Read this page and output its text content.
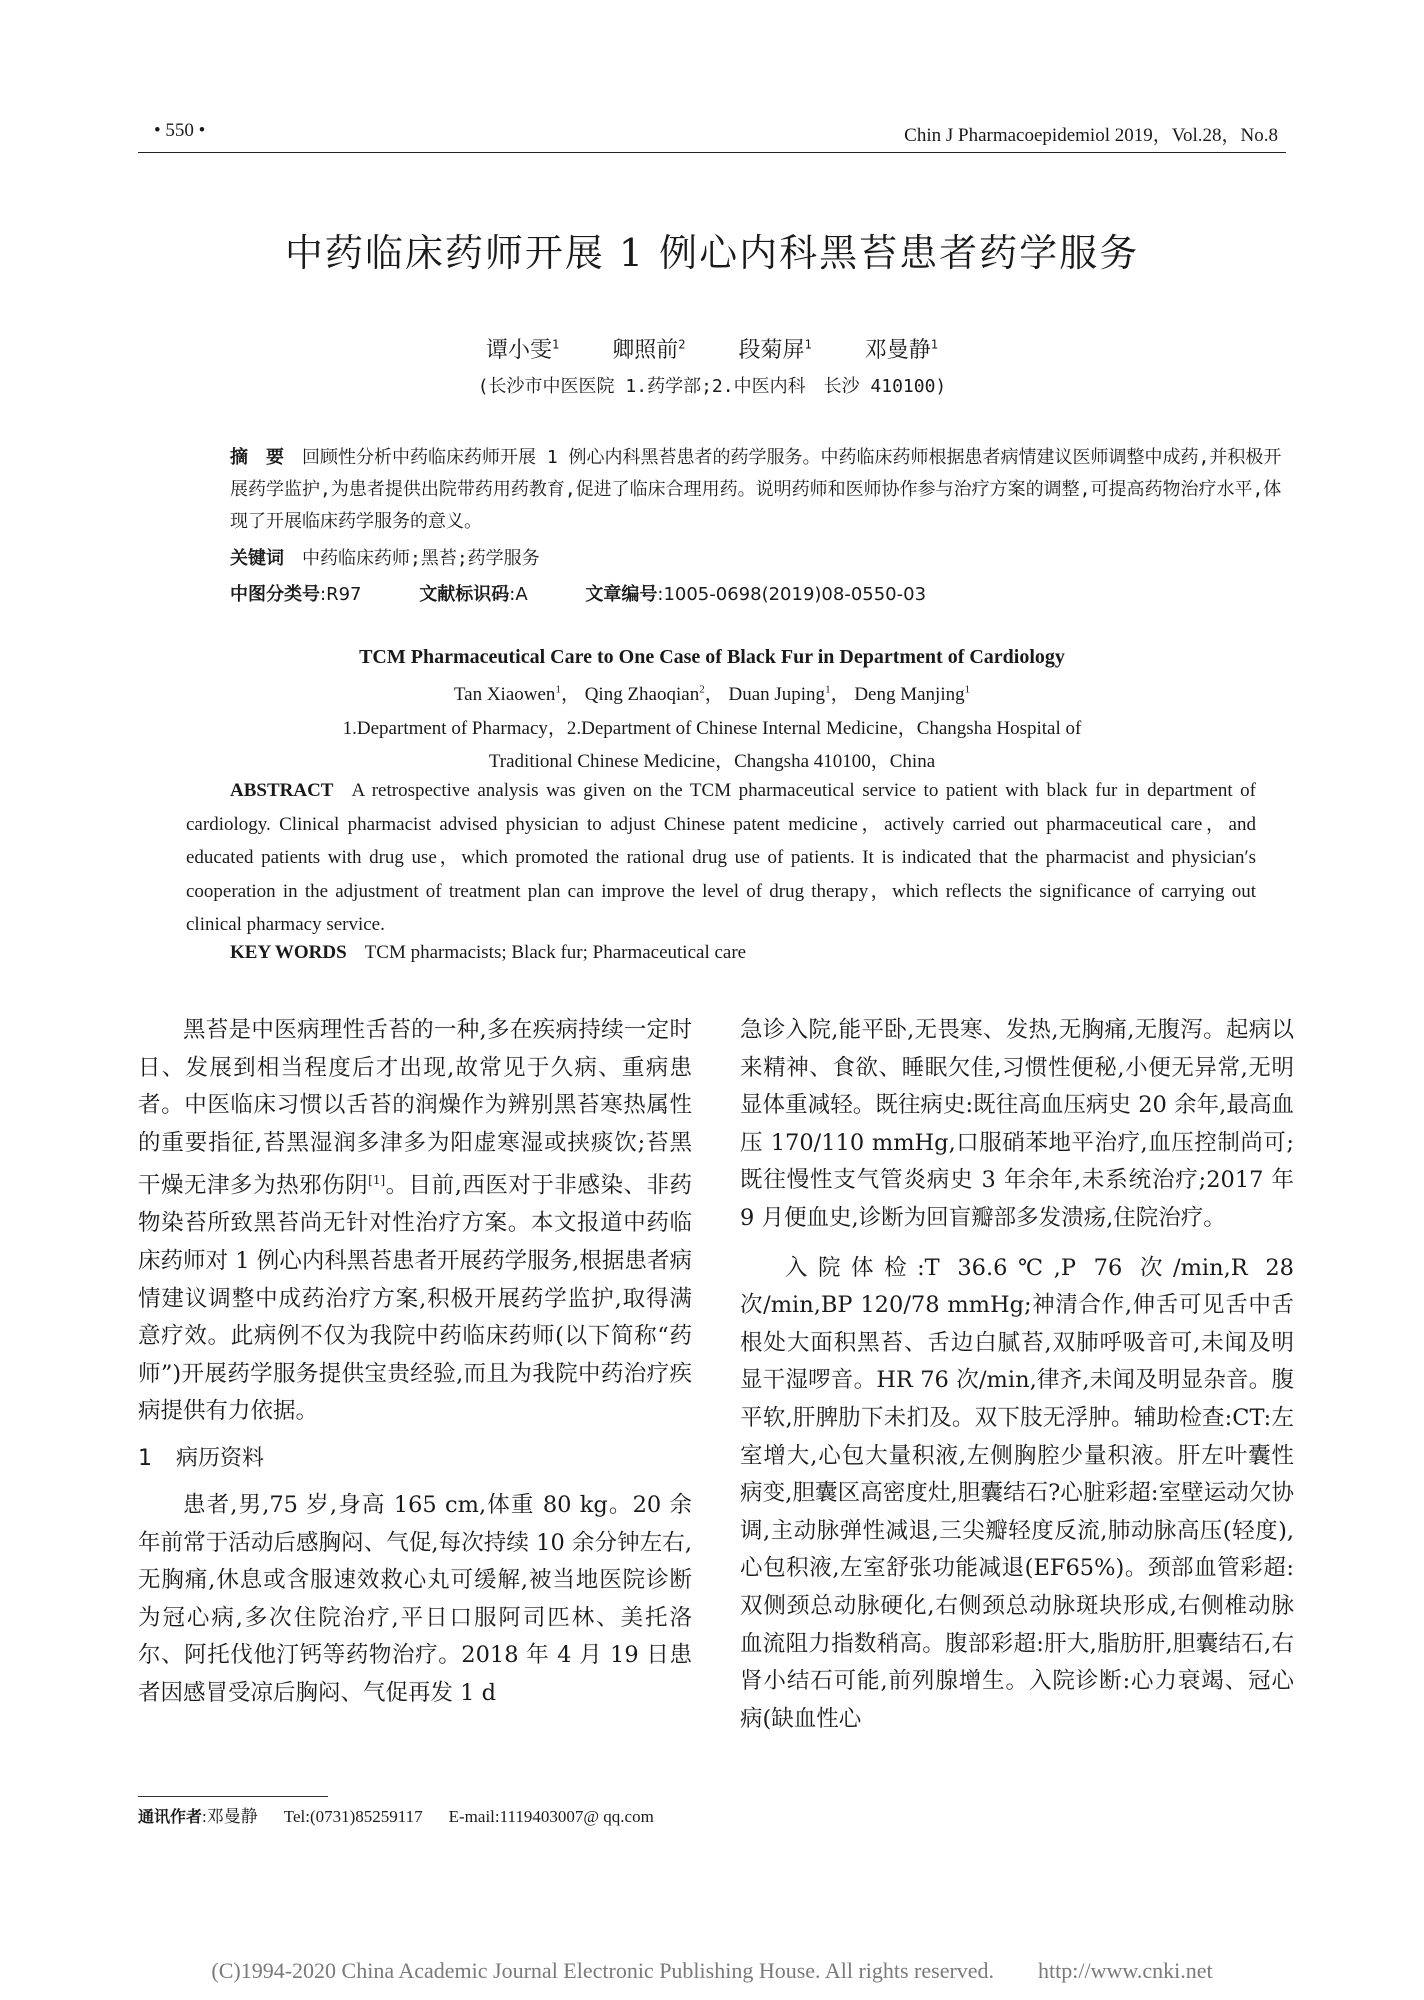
• 550 •	Chin J Pharmacoepidemiol 2019，Vol.28，No.8
中药临床药师开展 1 例心内科黑苔患者药学服务
谭小雯$^1$ 卿照前$^2$ 段菊屏$^1$ 邓曼静$^1$
(长沙市中医医院 1.药学部;2.中医内科　长沙 410100)

摘　要 回顾性分析中药临床药师开展 1 例心内科黑苔患者的药学服务。中药临床药师根据患者病情建议医师调整中成药,并积极开展药学监护,为患者提供出院带药用药教育,促进了临床合理用药。说明药师和医师协作参与治疗方案的调整,可提高药物治疗水平,体现了开展临床药学服务的意义。

关键词 中药临床药师;黑苔;药学服务
中图分类号:R97	文献标识码:A	文章编号:1005-0698(2019)08-0550-03
TCM Pharmaceutical Care to One Case of Black Fur in Department of Cardiology
Tan Xiaowen$^1$， Qing Zhaoqian$^2$， Duan Juping$^1$， Deng Manjing$^1$
1.Department of Pharmacy，2.Department of Chinese Internal Medicine，Changsha Hospital of
Traditional Chinese Medicine，Changsha 410100，China
ABSTRACT A retrospective analysis was given on the TCM pharmaceutical service to patient with black fur in department of cardiology. Clinical pharmacist advised physician to adjust Chinese patent medicine，actively carried out pharmaceutical care，and educated patients with drug use，which promoted the rational drug use of patients. It is indicated that the pharmacist and physician′s cooperation in the adjustment of treatment plan can improve the level of drug therapy，which reflects the significance of carrying out clinical pharmacy service.
KEY WORDS TCM pharmacists; Black fur; Pharmaceutical care

黑苔是中医病理性舌苔的一种,多在疾病持续一定时日、发展到相当程度后才出现,故常见于久病、重病患者。中医临床习惯以舌苔的润燥作为辨别黑苔寒热属性的重要指征,苔黑湿润多津多为阳虚寒湿或挟痰饮;苔黑干燥无津多为热邪伤阴[1]。目前,西医对于非感染、非药物染苔所致黑苔尚无针对性治疗方案。本文报道中药临床药师对 1 例心内科黑苔患者开展药学服务,根据患者病情建议调整中成药治疗方案,积极开展药学监护,取得满意疗效。此病例不仅为我院中药临床药师(以下简称“药师”)开展药学服务提供宝贵经验,而且为我院中药治疗疾病提供有力依据。

1 病历资料

患者,男,75 岁,身高 165 cm,体重 80 kg。20 余年前常于活动后感胸闷、气促,每次持续 10 余分钟左右,无胸痛,休息或含服速效救心丸可缓解,被当地医院诊断为冠心病,多次住院治疗,平日口服阿司匹林、美托洛尔、阿托伐他汀钙等药物治疗。2018 年 4 月 19 日患者因感冒受凉后胸闷、气促再发 1 d

急诊入院,能平卧,无畏寒、发热,无胸痛,无腹泻。起病以来精神、食欲、睡眠欠佳,习惯性便秘,小便无异常,无明显体重减轻。既往病史:既往高血压病史 20 余年,最高血压 170/110 mmHg,口服硝苯地平治疗,血压控制尚可;既往慢性支气管炎病史 3 年余年,未系统治疗;2017 年 9 月便血史,诊断为回盲瓣部多发溃疡,住院治疗。

入院体检:T 36.6℃,P 76 次/min,R 28 次/min,BP 120/78 mmHg;神清合作,伸舌可见舌中舌根处大面积黑苔、舌边白腻苔,双肺呼吸音可,未闻及明显干湿啰音。HR 76 次/min,律齐,未闻及明显杂音。腹平软,肝脾肋下未扪及。双下肢无浮肿。辅助检查:CT:左室增大,心包大量积液,左侧胸腔少量积液。肝左叶囊性病变,胆囊区高密度灶,胆囊结石?心脏彩超:室壁运动欠协调,主动脉弹性减退,三尖瓣轻度反流,肺动脉高压(轻度),心包积液,左室舒张功能减退(EF65%)。颈部血管彩超:双侧颈总动脉硬化,右侧颈总动脉斑块形成,右侧椎动脉血流阻力指数稍高。腹部彩超:肝大,脂肪肝,胆囊结石,右肾小结石可能,前列腺增生。入院诊断:心力衰竭、冠心病(缺血性心

通讯作者:邓曼静 Tel:(0731)85259117 E-mail:1119403007@ qq.com
(C)1994-2020 China Academic Journal Electronic Publishing House. All rights reserved.　　http://www.cnki.net
